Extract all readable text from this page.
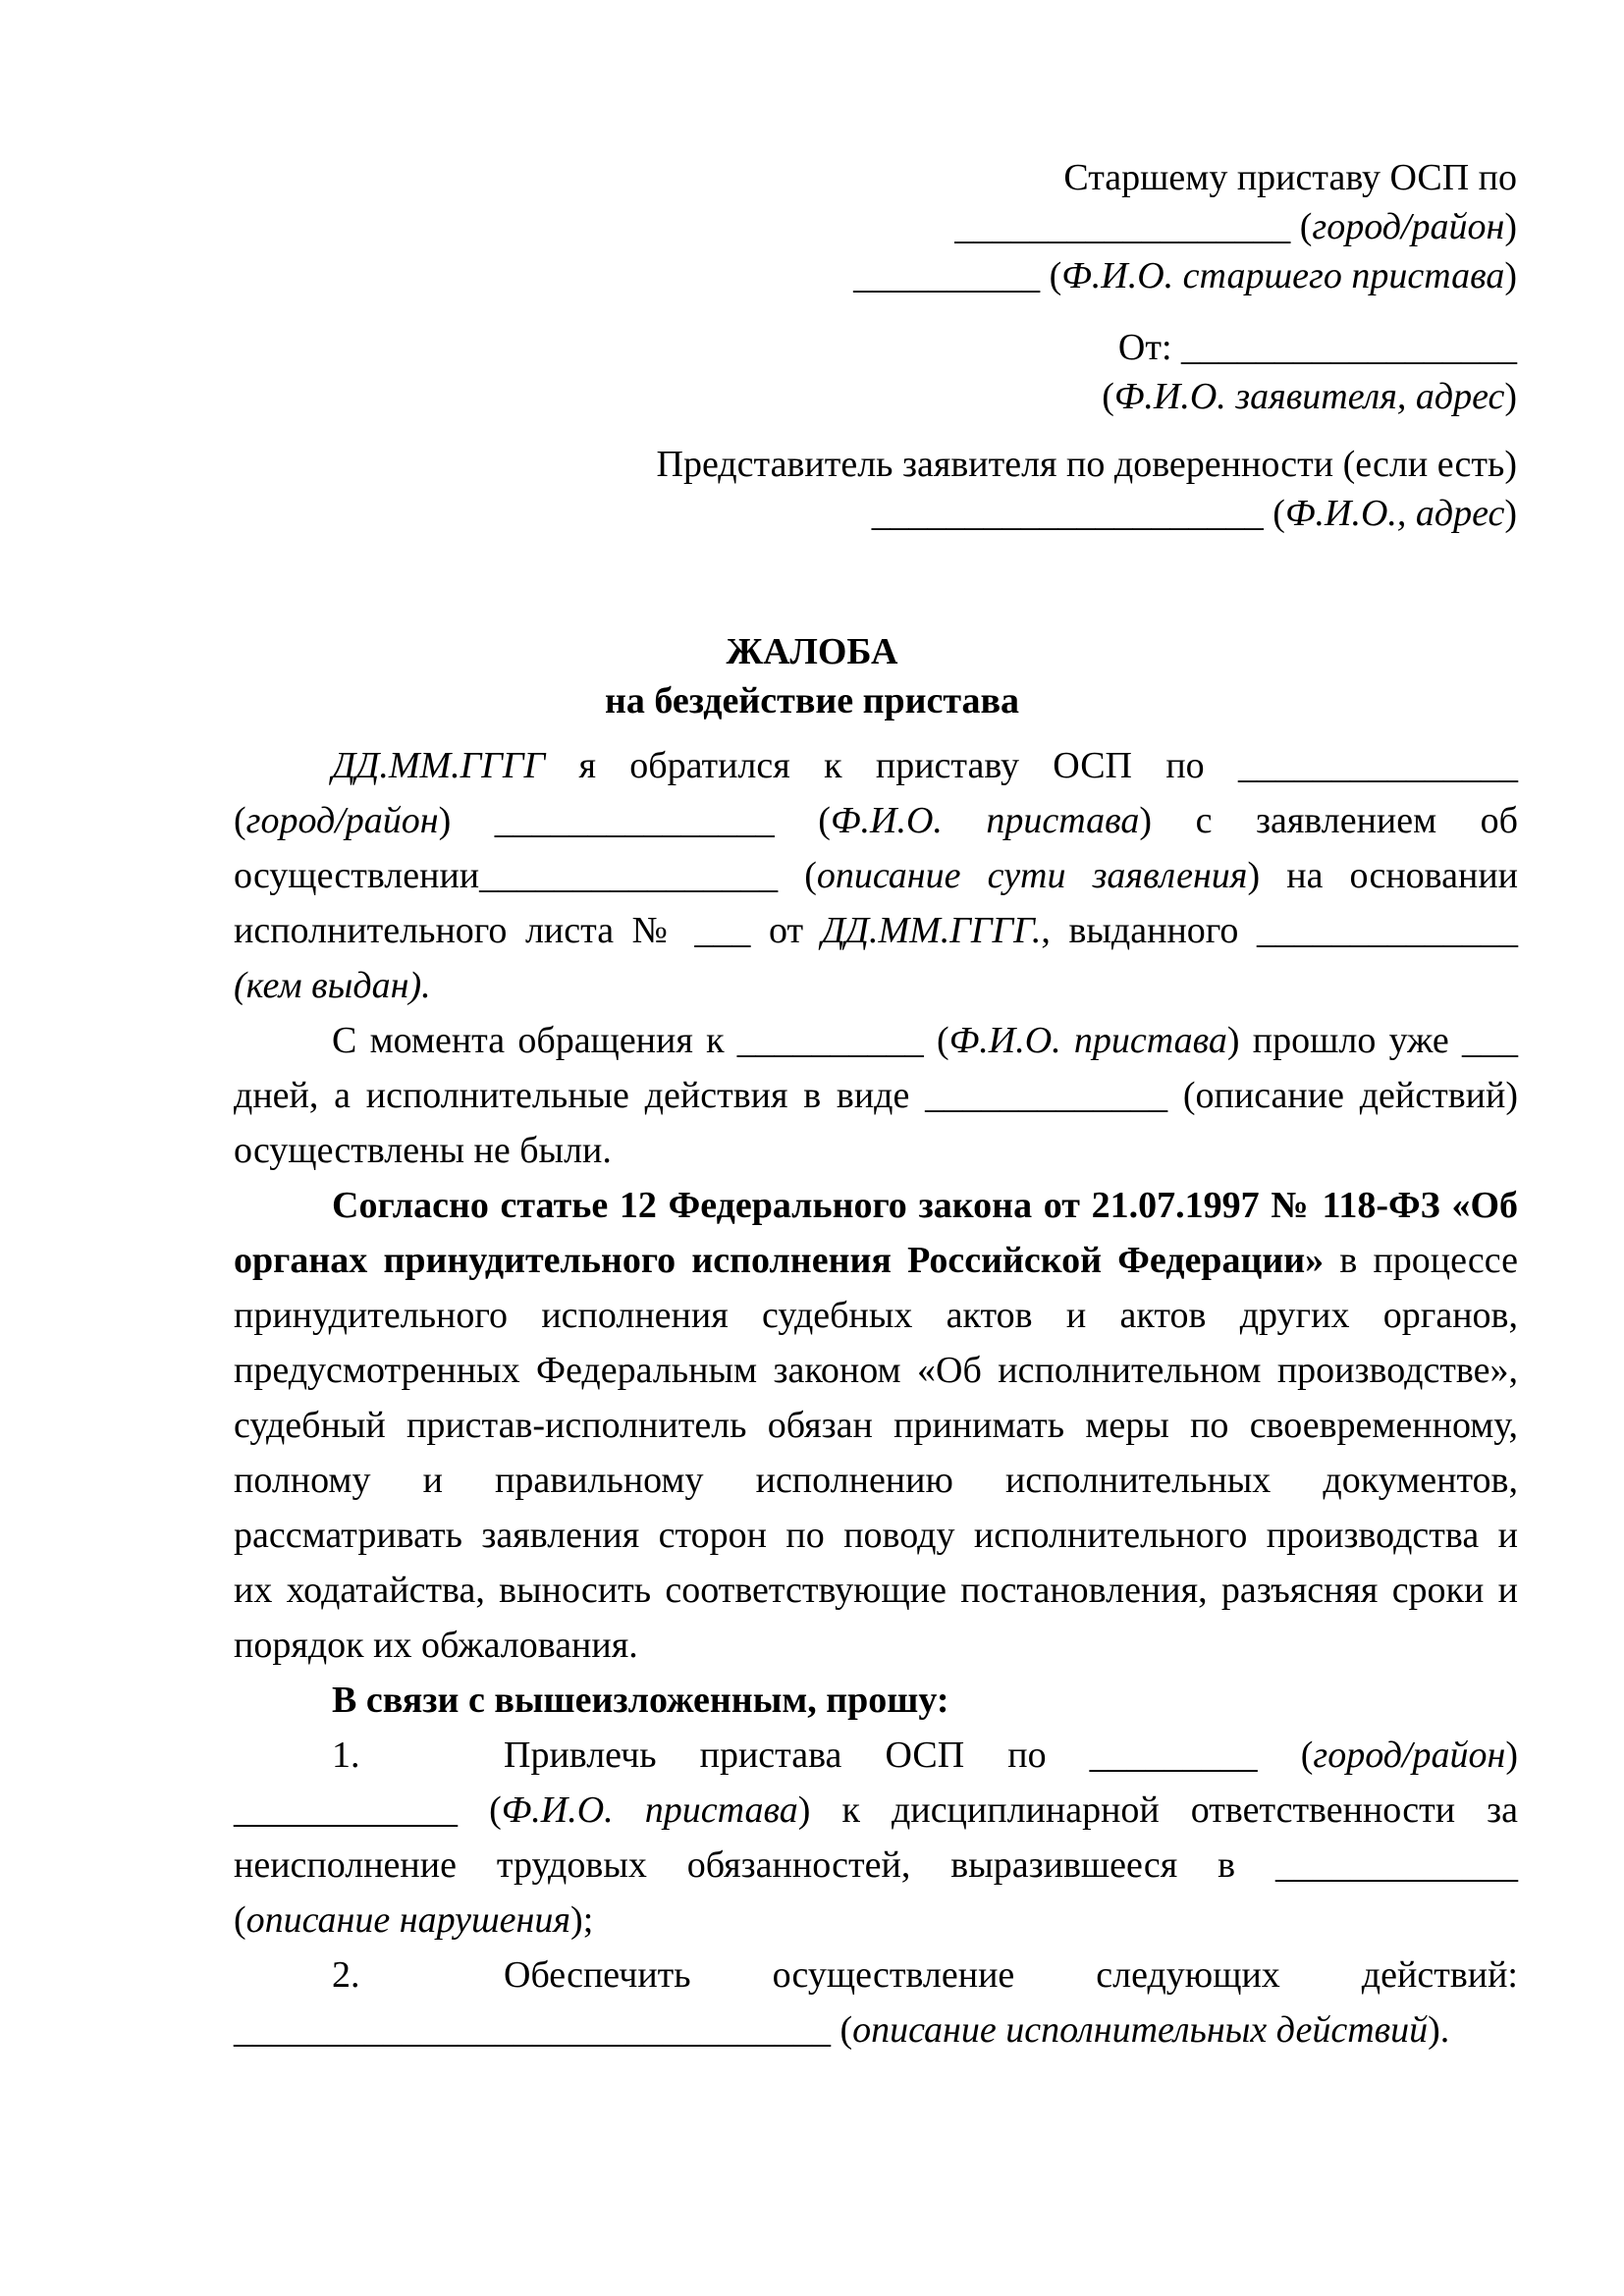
Старшему приставу ОСП по
__________________ (город/район)
__________ (Ф.И.О. старшего пристава)
От: __________________
(Ф.И.О. заявителя, адрес)
Представитель заявителя по доверенности (если есть)
_____________________ (Ф.И.О., адрес)
ЖАЛОБА
на бездействие пристава

ДД.ММ.ГГГГ я обратился к приставу ОСП по _______________

(город/район) _______________ (Ф.И.О. пристава) с заявлением об

осуществлении________________ (описание сути заявления) на основании

исполнительного листа № ___ от ДД.ММ.ГГГГ., выданного ______________

(кем выдан).

С момента обращения к __________ (Ф.И.О. пристава) прошло уже ___

дней, а исполнительные действия в виде _____________ (описание действий)

осуществлены не были.

Согласно статье 12 Федерального закона от 21.07.1997 № 118-ФЗ «Об

органах принудительного исполнения Российской Федерации» в процессе

принудительного исполнения судебных актов и актов других органов,

предусмотренных Федеральным законом «Об исполнительном производстве»,

судебный пристав-исполнитель обязан принимать меры по своевременному,

полному и правильному исполнению исполнительных документов,

рассматривать заявления сторон по поводу исполнительного производства и

их ходатайства, выносить соответствующие постановления, разъясняя сроки и

порядок их обжалования.

В связи с вышеизложенным, прошу:

1.	Привлечь пристава ОСП по _________ (город/район)

____________ (Ф.И.О. пристава) к дисциплинарной ответственности за

неисполнение трудовых обязанностей, выразившееся в _____________

(описание нарушения);

2.	Обеспечить осуществление следующих действий:

________________________________ (описание исполнительных действий).
